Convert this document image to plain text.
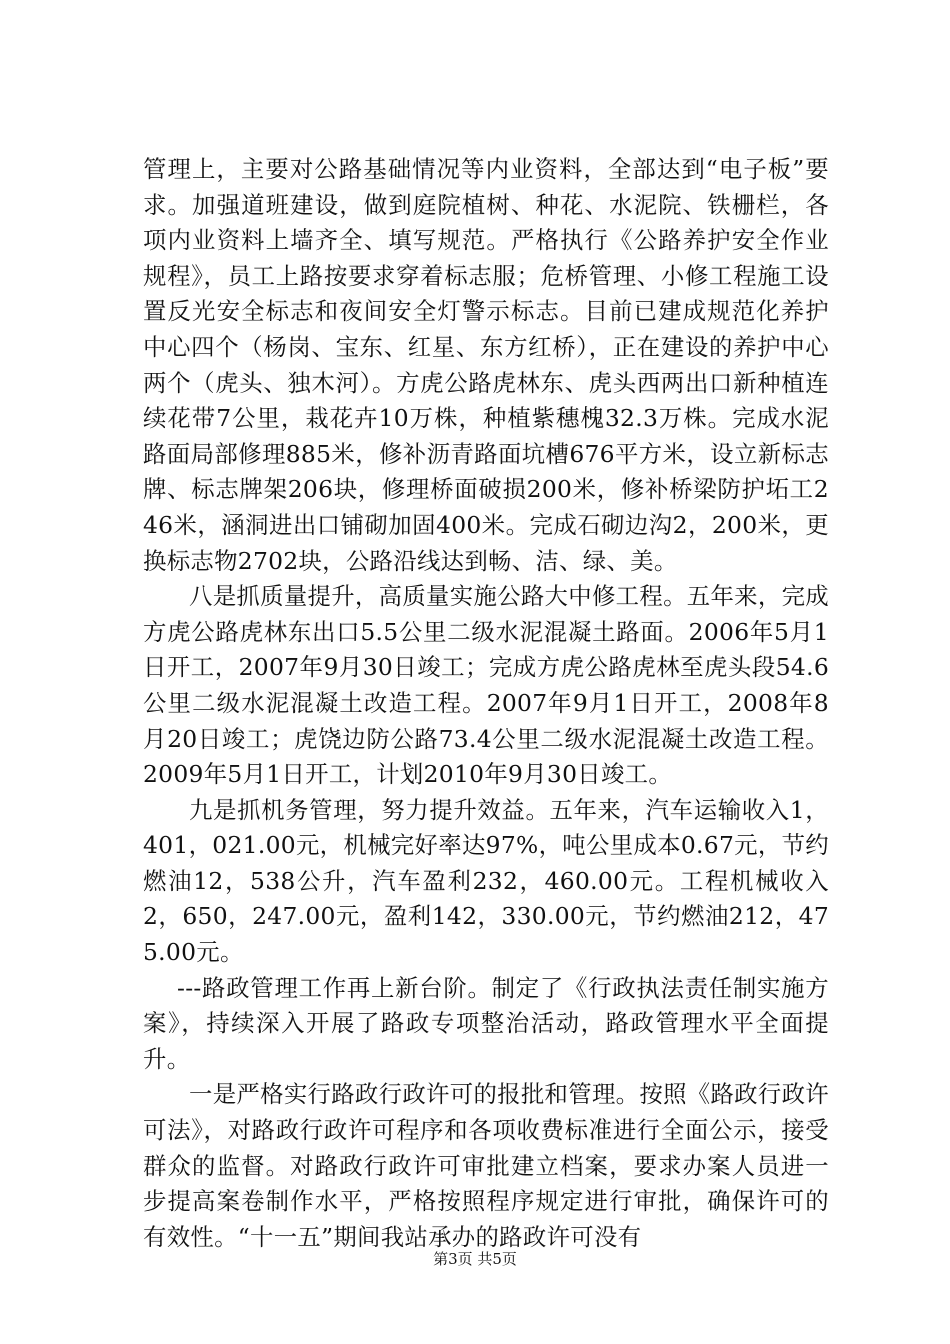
管理上，主要对公路基础情况等内业资料，全部达到“电子板”要求。加强道班建设，做到庭院植树、种花、水泥院、铁栅栏，各项内业资料上墙齐全、填写规范。严格执行《公路养护安全作业规程》，员工上路按要求穿着标志服；危桥管理、小修工程施工设置反光安全标志和夜间安全灯警示标志。目前已建成规范化养护中心四个（杨岗、宝东、红星、东方红桥），正在建设的养护中心两个（虎头、独木河）。方虎公路虎林东、虎头西两出口新种植连续花带7公里，栽花卉10万株，种植紫穗槐32.3万株。完成水泥路面局部修理885米，修补沥青路面坑槽676平方米，设立新标志牌、标志牌架206块，修理桥面破损200米，修补桥梁防护坧工246米，涵洞进出口铺砌加固400米。完成石砌边沟2，200米，更换标志物2702块，公路沿线达到畅、洁、绿、美。

八是抓质量提升，高质量实施公路大中修工程。五年来，完成方虎公路虎林东出口5.5公里二级水泥混凝土路面。2006年5月1日开工，2007年9月30日竣工；完成方虎公路虎林至虎头段54.6公里二级水泥混凝土改造工程。2007年9月1日开工，2008年8月20日竣工；虎饶边防公路73.4公里二级水泥混凝土改造工程。2009年5月1日开工，计划2010年9月30日竣工。

九是抓机务管理，努力提升效益。五年来，汽车运输收入1，401，021.00元，机械完好率达97%，吨公里成本0.67元，节约燃油12，538公升，汽车盈利232，460.00元。工程机械收入2，650，247.00元，盈利142，330.00元，节约燃油212，475.00元。

---路政管理工作再上新台阶。制定了《行政执法责任制实施方案》，持续深入开展了路政专项整治活动，路政管理水平全面提升。

一是严格实行路政行政许可的报批和管理。按照《路政行政许可法》，对路政行政许可程序和各项收费标准进行全面公示，接受群众的监督。对路政行政许可审批建立档案，要求办案人员进一步提高案卷制作水平，严格按照程序规定进行审批，确保许可的有效性。“十一五”期间我站承办的路政许可没有

第3页 共5页
